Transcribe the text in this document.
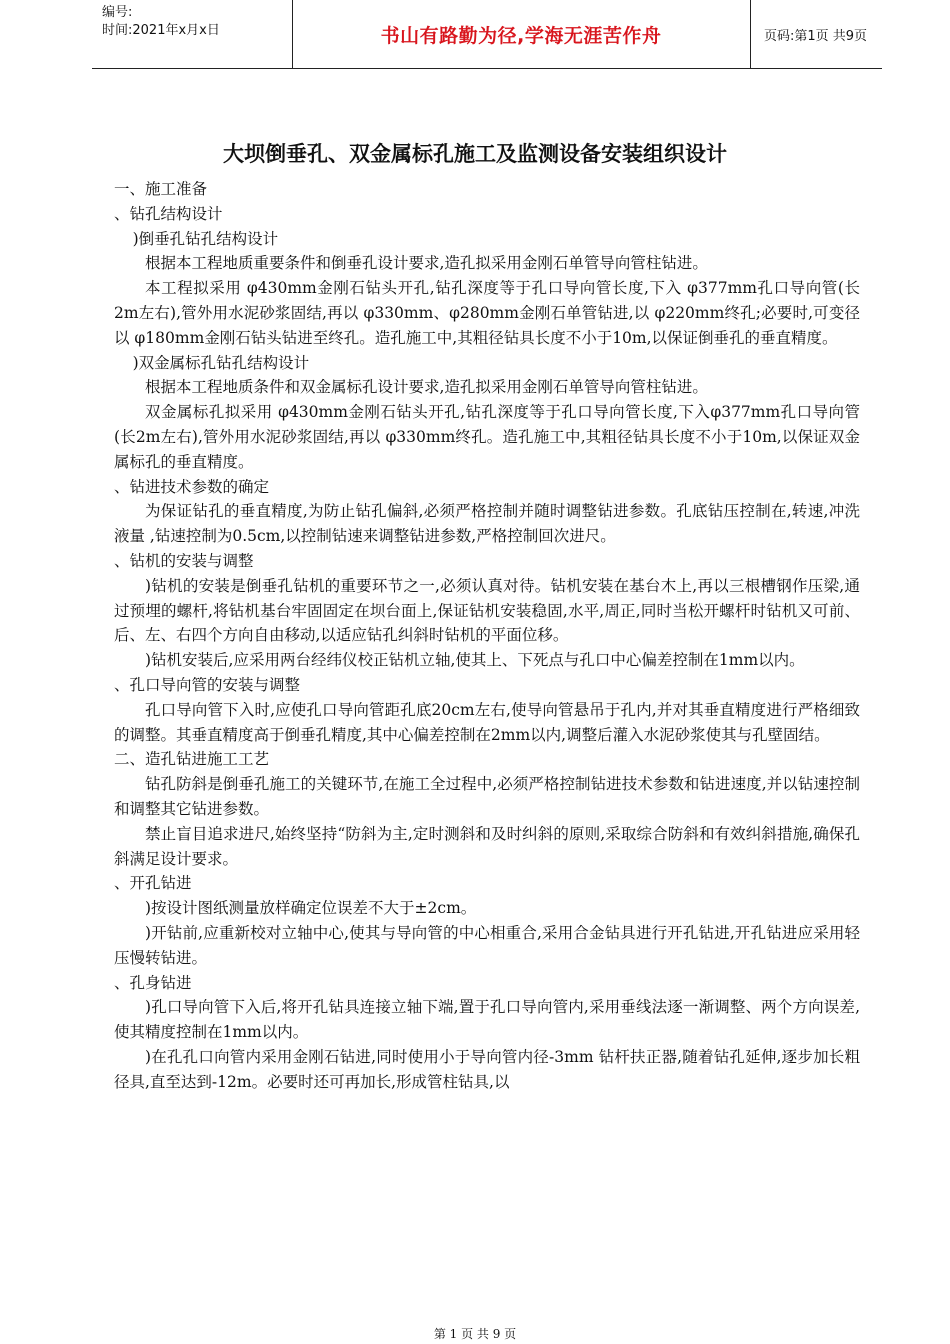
编号:
时间:2021年x月x日	书山有路勤为径,学海无涯苦作舟	页码:第1页 共9页
大坝倒垂孔、双金属标孔施工及监测设备安装组织设计

一、施工准备

、钻孔结构设计

)倒垂孔钻孔结构设计

根据本工程地质重要条件和倒垂孔设计要求,造孔拟采用金刚石单管导向管柱钻进。

本工程拟采用 φ430mm金刚石钻头开孔,钻孔深度等于孔口导向管长度,下入 φ377mm孔口导向管(长2m左右),管外用水泥砂浆固结,再以 φ330mm、φ280mm金刚石单管钻进,以 φ220mm终孔;必要时,可变径以 φ180mm金刚石钻头钻进至终孔。造孔施工中,其粗径钻具长度不小于10m,以保证倒垂孔的垂直精度。

)双金属标孔钻孔结构设计

根据本工程地质条件和双金属标孔设计要求,造孔拟采用金刚石单管导向管柱钻进。

双金属标孔拟采用 φ430mm金刚石钻头开孔,钻孔深度等于孔口导向管长度,下入φ377mm孔口导向管(长2m左右),管外用水泥砂浆固结,再以 φ330mm终孔。造孔施工中,其粗径钻具长度不小于10m,以保证双金属标孔的垂直精度。

、钻进技术参数的确定

为保证钻孔的垂直精度,为防止钻孔偏斜,必须严格控制并随时调整钻进参数。孔底钻压控制在,转速,冲洗液量 ,钻速控制为0.5cm,以控制钻速来调整钻进参数,严格控制回次进尺。

、钻机的安装与调整

)钻机的安装是倒垂孔钻机的重要环节之一,必须认真对待。钻机安装在基台木上,再以三根槽钢作压梁,通过预埋的螺杆,将钻机基台牢固固定在坝台面上,保证钻机安装稳固,水平,周正,同时当松开螺杆时钻机又可前、后、左、右四个方向自由移动,以适应钻孔纠斜时钻机的平面位移。

)钻机安装后,应采用两台经纬仪校正钻机立轴,使其上、下死点与孔口中心偏差控制在1mm以内。

、孔口导向管的安装与调整

孔口导向管下入时,应使孔口导向管距孔底20cm左右,使导向管悬吊于孔内,并对其垂直精度进行严格细致的调整。其垂直精度高于倒垂孔精度,其中心偏差控制在2mm以内,调整后灌入水泥砂浆使其与孔壁固结。

二、造孔钻进施工工艺

钻孔防斜是倒垂孔施工的关键环节,在施工全过程中,必须严格控制钻进技术参数和钻进速度,并以钻速控制和调整其它钻进参数。

禁止盲目追求进尺,始终坚持“防斜为主,定时测斜和及时纠斜的原则,采取综合防斜和有效纠斜措施,确保孔斜满足设计要求。

、开孔钻进

)按设计图纸测量放样确定位误差不大于±2cm。

)开钻前,应重新校对立轴中心,使其与导向管的中心相重合,采用合金钻具进行开孔钻进,开孔钻进应采用轻压慢转钻进。

、孔身钻进

)孔口导向管下入后,将开孔钻具连接立轴下端,置于孔口导向管内,采用垂线法逐一渐调整、两个方向误差,使其精度控制在1mm以内。

)在孔孔口向管内采用金刚石钻进,同时使用小于导向管内径-3mm 钻杆扶正器,随着钻孔延伸,逐步加长粗径具,直至达到-12m。必要时还可再加长,形成管柱钻具,以

第 1 页 共 9 页
